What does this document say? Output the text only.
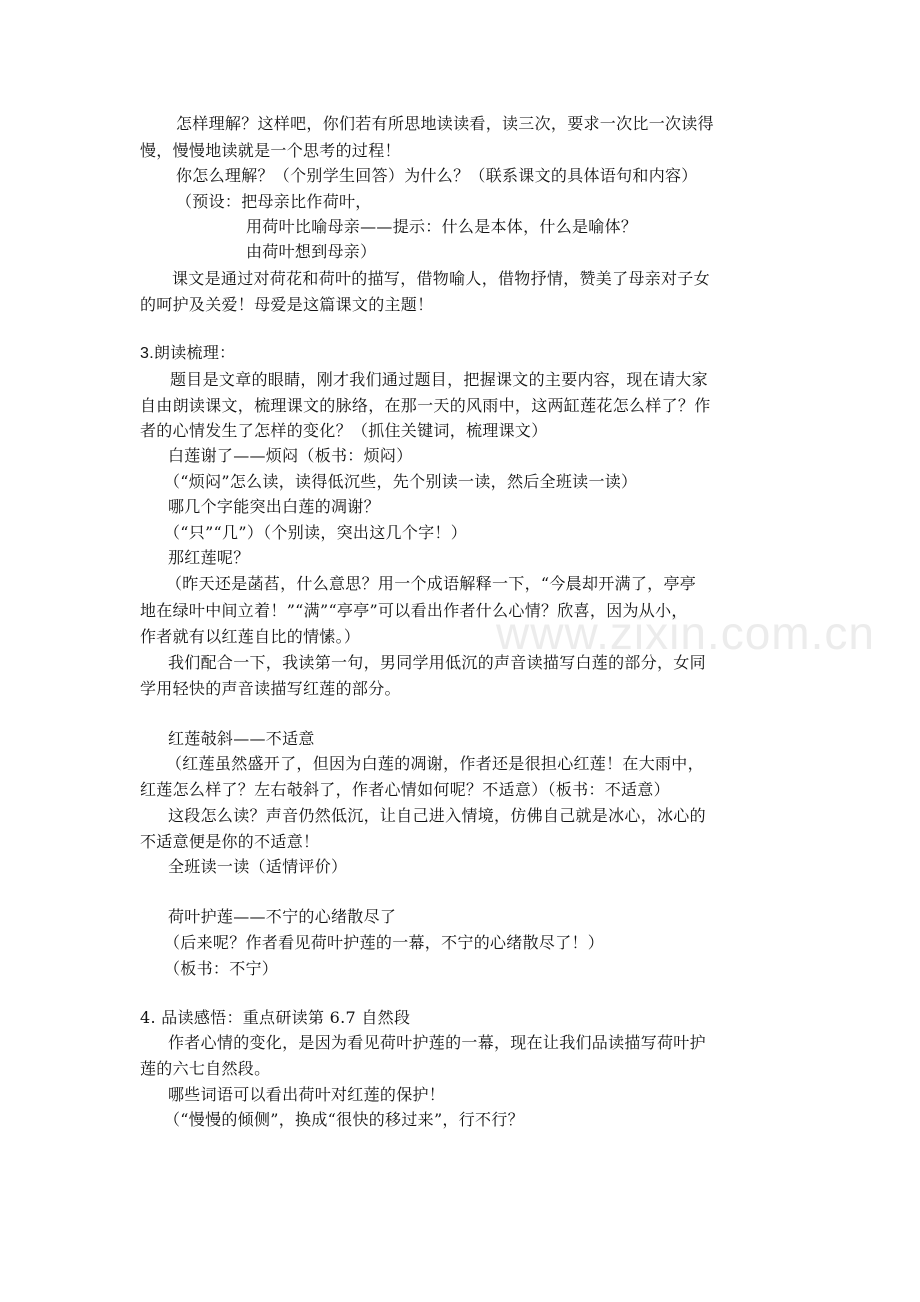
www.zixin.com.cn
怎样理解？这样吧，你们若有所思地读读看，读三次，要求一次比一次读得
慢，慢慢地读就是一个思考的过程！
你怎么理解？（个别学生回答）为什么？（联系课文的具体语句和内容）
（预设：把母亲比作荷叶，
用荷叶比喻母亲——提示：什么是本体，什么是喻体？
由荷叶想到母亲）
课文是通过对荷花和荷叶的描写，借物喻人，借物抒情，赞美了母亲对子女
的呵护及关爱！母爱是这篇课文的主题！
3.朗读梳理：
题目是文章的眼睛，刚才我们通过题目，把握课文的主要内容，现在请大家
自由朗读课文，梳理课文的脉络，在那一天的风雨中，这两缸莲花怎么样了？作
者的心情发生了怎样的变化？（抓住关键词，梳理课文）
白莲谢了——烦闷（板书：烦闷）
（“烦闷”怎么读，读得低沉些，先个别读一读，然后全班读一读）
哪几个字能突出白莲的凋谢？
（“只”“几”）（个别读，突出这几个字！）
那红莲呢？
（昨天还是菡萏，什么意思？用一个成语解释一下，“今晨却开满了，亭亭
地在绿叶中间立着！”“满”“亭亭”可以看出作者什么心情？欣喜，因为从小，
作者就有以红莲自比的情愫。）
我们配合一下，我读第一句，男同学用低沉的声音读描写白莲的部分，女同
学用轻快的声音读描写红莲的部分。
红莲攲斜——不适意
（红莲虽然盛开了，但因为白莲的凋谢，作者还是很担心红莲！在大雨中，
红莲怎么样了？左右攲斜了，作者心情如何呢？不适意）（板书：不适意）
这段怎么读？声音仍然低沉，让自己进入情境，仿佛自己就是冰心，冰心的
不适意便是你的不适意！
全班读一读（适情评价）
荷叶护莲——不宁的心绪散尽了
（后来呢？作者看见荷叶护莲的一幕，不宁的心绪散尽了！）
（板书：不宁）
4. 品读感悟：重点研读第 6.7 自然段
作者心情的变化，是因为看见荷叶护莲的一幕，现在让我们品读描写荷叶护
莲的六七自然段。
哪些词语可以看出荷叶对红莲的保护！
（“慢慢的倾侧”，换成“很快的移过来”，行不行？
